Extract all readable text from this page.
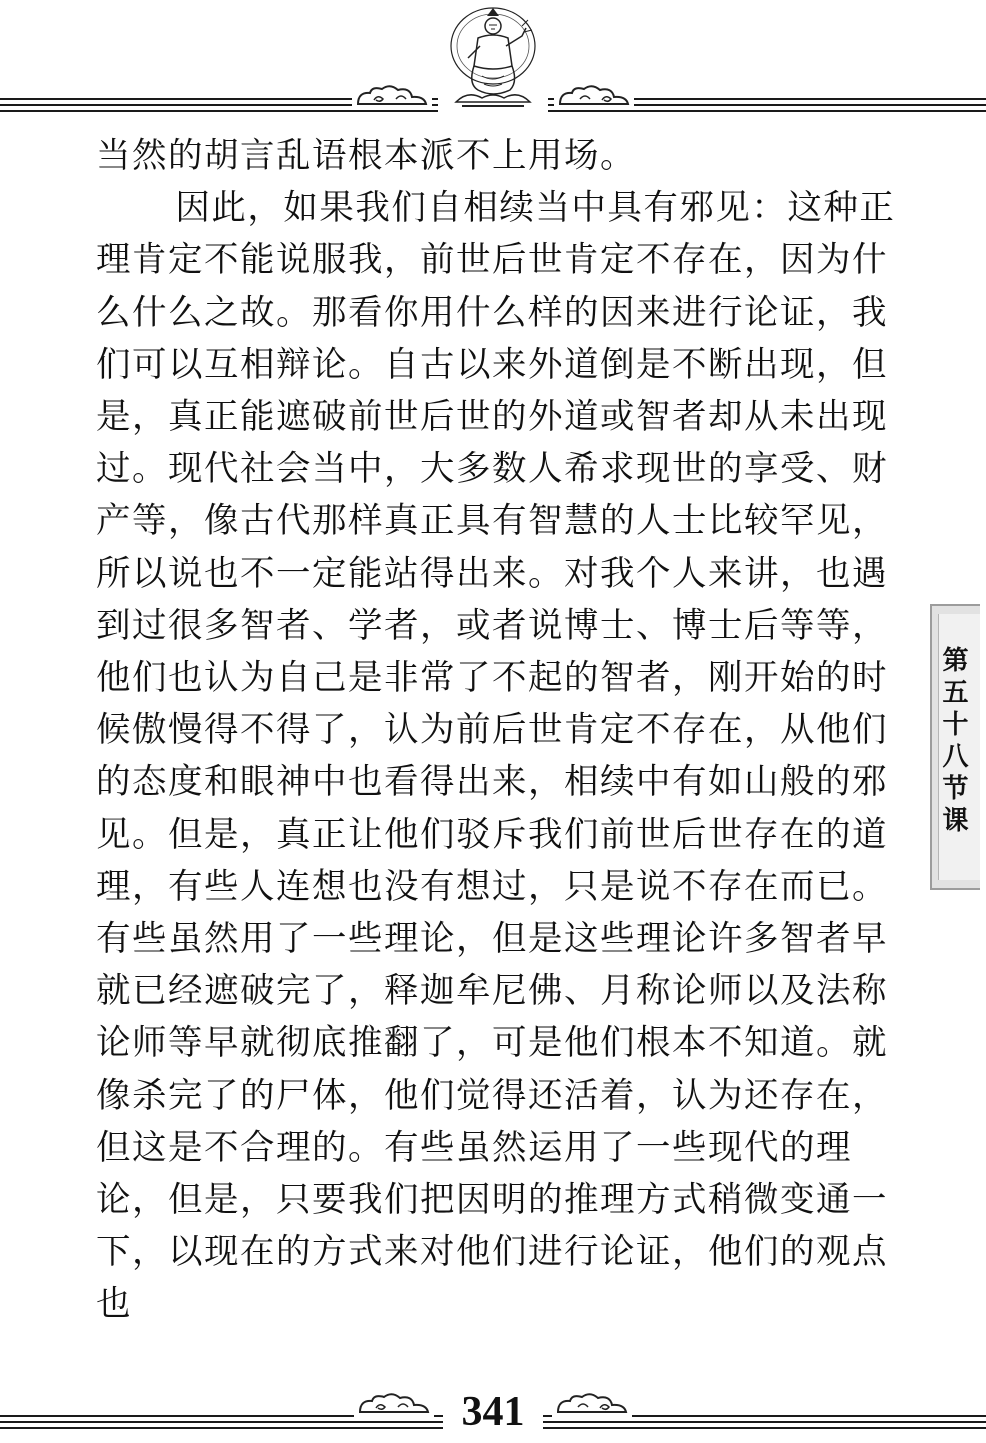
当然的胡言乱语根本派不上用场。

因此，如果我们自相续当中具有邪见：这种正理肯定不能说服我，前世后世肯定不存在，因为什么什么之故。那看你用什么样的因来进行论证，我们可以互相辩论。自古以来外道倒是不断出现，但是，真正能遮破前世后世的外道或智者却从未出现过。现代社会当中，大多数人希求现世的享受、财产等，像古代那样真正具有智慧的人士比较罕见，所以说也不一定能站得出来。对我个人来讲，也遇到过很多智者、学者，或者说博士、博士后等等，他们也认为自己是非常了不起的智者，刚开始的时候傲慢得不得了，认为前后世肯定不存在，从他们的态度和眼神中也看得出来，相续中有如山般的邪见。但是，真正让他们驳斥我们前世后世存在的道理，有些人连想也没有想过，只是说不存在而已。有些虽然用了一些理论，但是这些理论许多智者早就已经遮破完了，释迦牟尼佛、月称论师以及法称论师等早就彻底推翻了，可是他们根本不知道。就像杀完了的尸体，他们觉得还活着，认为还存在，但这是不合理的。有些虽然运用了一些现代的理论，但是，只要我们把因明的推理方式稍微变通一下，以现在的方式来对他们进行论证，他们的观点也

第五十八节课
341
